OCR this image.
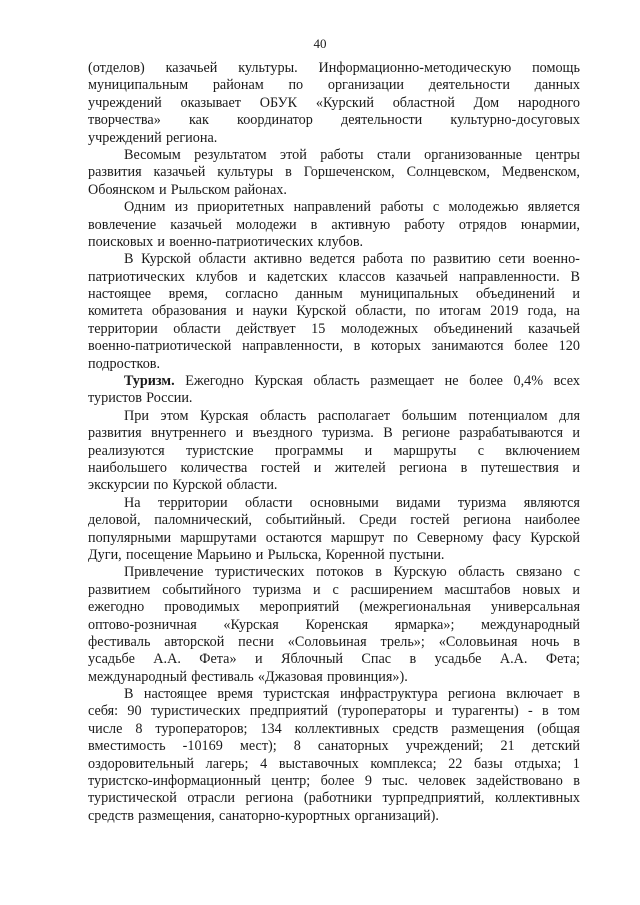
40
(отделов) казачьей культуры. Информационно-методическую помощь
муниципальным районам по организации деятельности данных
учреждений оказывает ОБУК «Курский областной Дом народного
творчества» как координатор деятельности культурно-досуговых
учреждений региона.
Весомым результатом этой работы стали организованные центры
развития казачьей культуры в Горшеченском, Солнцевском, Медвенском,
Обоянском и Рыльском районах.
Одним из приоритетных направлений работы с молодежью является
вовлечение казачьей молодежи в активную работу отрядов юнармии,
поисковых и военно-патриотических клубов.
В Курской области активно ведется работа по развитию сети военно-
патриотических клубов и кадетских классов казачьей направленности. В
настоящее время, согласно данным муниципальных объединений и
комитета образования и науки Курской области, по итогам 2019 года, на
территории области действует 15 молодежных объединений казачьей
военно-патриотической направленности, в которых занимаются более 120
подростков.
Туризм. Ежегодно Курская область размещает не более 0,4% всех
туристов России.
При этом Курская область располагает большим потенциалом для
развития внутреннего и въездного туризма. В регионе разрабатываются и
реализуются туристские программы и маршруты с включением
наибольшего количества гостей и жителей региона в путешествия и
экскурсии по Курской области.
На территории области основными видами туризма являются
деловой, паломнический, событийный. Среди гостей региона наиболее
популярными маршрутами остаются маршрут по Северному фасу Курской
Дуги, посещение Марьино и Рыльска, Коренной пустыни.
Привлечение туристических потоков в Курскую область связано с
развитием событийного туризма и с расширением масштабов новых и
ежегодно проводимых мероприятий (межрегиональная универсальная
оптово-розничная «Курская Коренская ярмарка»; международный
фестиваль авторской песни «Соловьиная трель»; «Соловьиная ночь в
усадьбе А.А. Фета» и Яблочный Спас в усадьбе А.А. Фета;
международный фестиваль «Джазовая провинция»).
В настоящее время туристская инфраструктура региона включает в
себя: 90 туристических предприятий (туроператоры и турагенты) - в том
числе 8 туроператоров; 134 коллективных средств размещения (общая
вместимость -10169 мест); 8 санаторных учреждений; 21 детский
оздоровительный лагерь; 4 выставочных комплекса; 22 базы отдыха; 1
туристско-информационный центр; более 9 тыс. человек задействовано в
туристической отрасли региона (работники турпредприятий, коллективных
средств размещения, санаторно-курортных организаций).
